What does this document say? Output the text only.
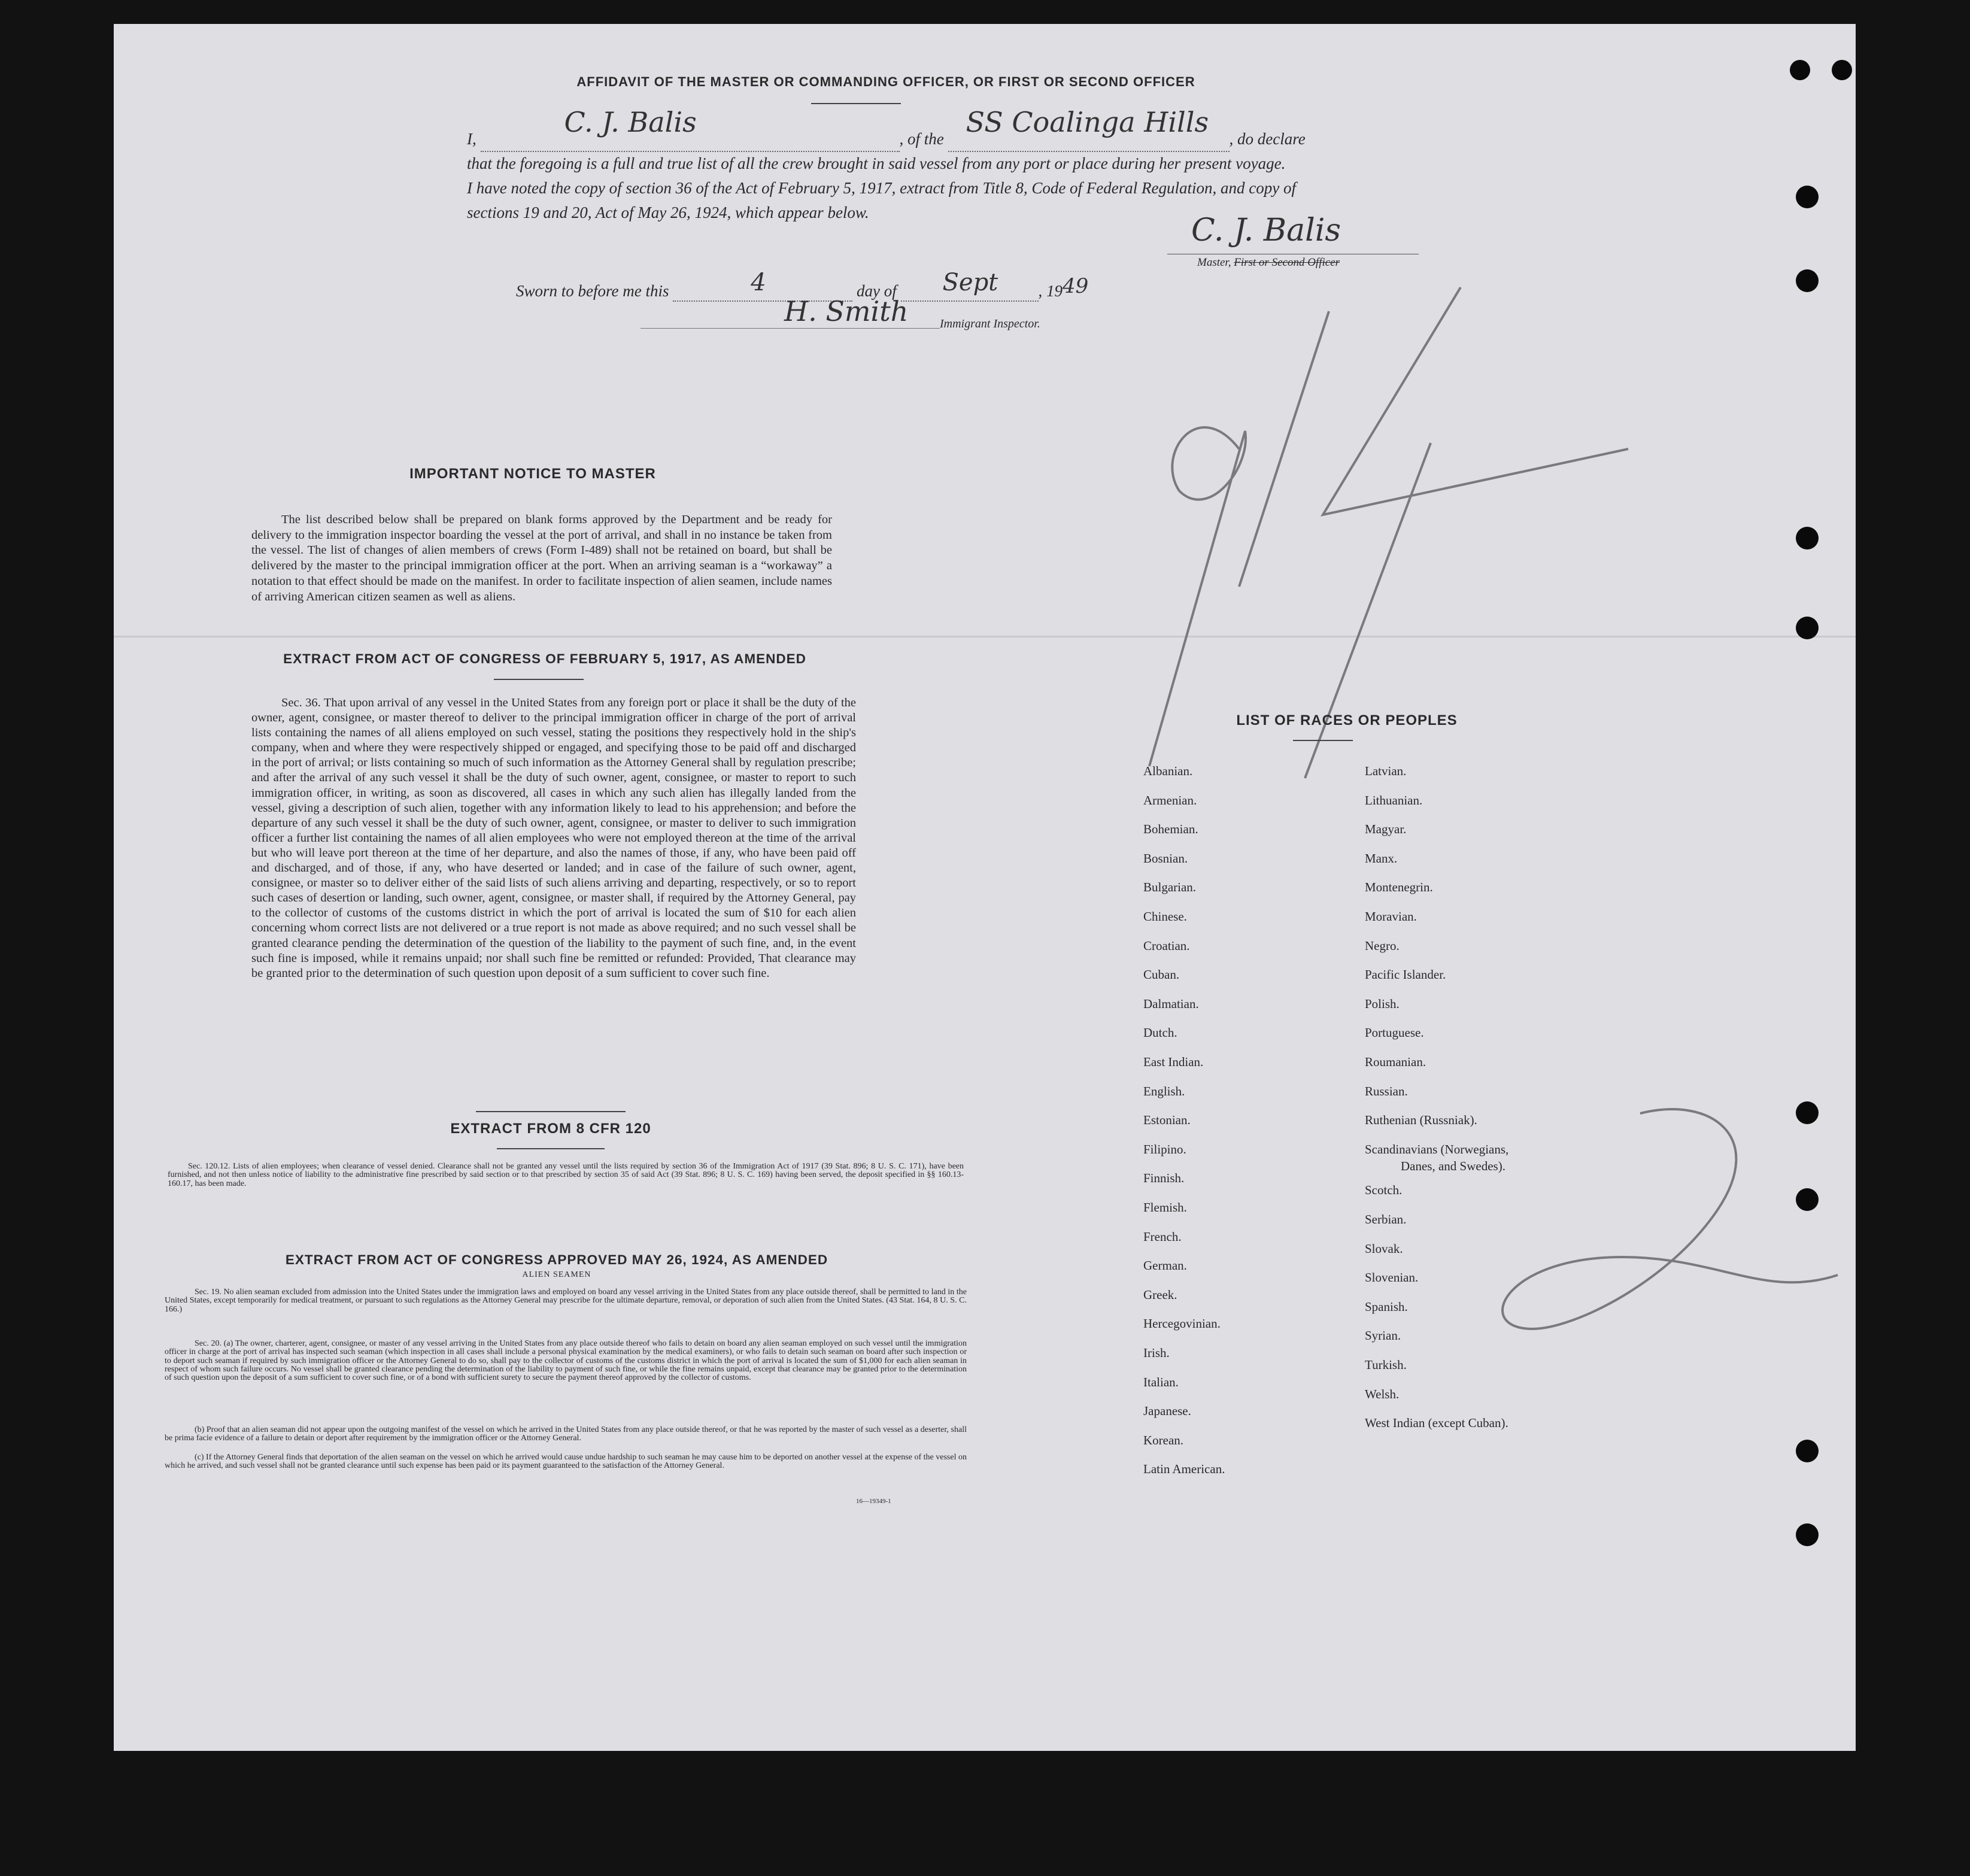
AFFIDAVIT OF THE MASTER OR COMMANDING OFFICER, OR FIRST OR SECOND OFFICER
I,
C. J. Balis
, of the
SS Coalinga Hills
, do declare
that the foregoing is a full and true list of all the crew brought in said vessel from any port or place during her present voyage.
I have noted the copy of section 36 of the Act of February 5, 1917, extract from Title 8, Code of Federal Regulation, and copy of
sections 19 and 20, Act of May 26, 1924, which appear below.	C. J. Balis
Master, First or Second Officer
Sworn to before me this	4	day of Sept , 1949
H. Smith	Immigrant Inspector.
IMPORTANT NOTICE TO MASTER
The list described below shall be prepared on blank forms approved by the Department and be ready for delivery to the immigration inspector boarding the vessel at the port of arrival, and shall in no instance be taken from the vessel. The list of changes of alien members of crews (Form I-489) shall not be retained on board, but shall be delivered by the master to the principal immigration officer at the port. When an arriving seaman is a “workaway” a notation to that effect should be made on the manifest. In order to facilitate inspection of alien seamen, include names of arriving American citizen seamen as well as aliens.
EXTRACT FROM ACT OF CONGRESS OF FEBRUARY 5, 1917, AS AMENDED
Sec. 36. That upon arrival of any vessel in the United States from any foreign port or place it shall be the duty of the owner, agent, consignee, or master thereof to deliver to the principal immigration officer in charge of the port of arrival lists containing the names of all aliens employed on such vessel, stating the positions they respectively hold in the ship's company, when and where they were respectively shipped or engaged, and specifying those to be paid off and discharged in the port of arrival; or lists containing so much of such information as the Attorney General shall by regulation prescribe; and after the arrival of any such vessel it shall be the duty of such owner, agent, consignee, or master to report to such immigration officer, in writing, as soon as discovered, all cases in which any such alien has illegally landed from the vessel, giving a description of such alien, together with any information likely to lead to his apprehension; and before the departure of any such vessel it shall be the duty of such owner, agent, consignee, or master to deliver to such immigration officer a further list containing the names of all alien employees who were not employed thereon at the time of the arrival but who will leave port thereon at the time of her departure, and also the names of those, if any, who have been paid off and discharged, and of those, if any, who have deserted or landed; and in case of the failure of such owner, agent, consignee, or master so to deliver either of the said lists of such aliens arriving and departing, respectively, or so to report such cases of desertion or landing, such owner, agent, consignee, or master shall, if required by the Attorney General, pay to the collector of customs of the customs district in which the port of arrival is located the sum of $10 for each alien concerning whom correct lists are not delivered or a true report is not made as above required; and no such vessel shall be granted clearance pending the determination of the question of the liability to the payment of such fine, and, in the event such fine is imposed, while it remains unpaid; nor shall such fine be remitted or refunded: Provided, That clearance may be granted prior to the determination of such question upon deposit of a sum sufficient to cover such fine.
EXTRACT FROM 8 CFR 120
Sec. 120.12. Lists of alien employees; when clearance of vessel denied. Clearance shall not be granted any vessel until the lists required by section 36 of the Immigration Act of 1917 (39 Stat. 896; 8 U. S. C. 171), have been furnished, and not then unless notice of liability to the administrative fine prescribed by said section or to that prescribed by section 35 of said Act (39 Stat. 896; 8 U. S. C. 169) having been served, the deposit specified in §§ 160.13-160.17, has been made.
EXTRACT FROM ACT OF CONGRESS APPROVED MAY 26, 1924, AS AMENDED
ALIEN SEAMEN
Sec. 19. No alien seaman excluded from admission into the United States under the immigration laws and employed on board any vessel arriving in the United States from any place outside thereof, shall be permitted to land in the United States, except temporarily for medical treatment, or pursuant to such regulations as the Attorney General may prescribe for the ultimate departure, removal, or deporation of such alien from the United States. (43 Stat. 164, 8 U. S. C. 166.)
Sec. 20. (a) The owner, charterer, agent, consignee, or master of any vessel arriving in the United States from any place outside thereof who fails to detain on board any alien seaman employed on such vessel until the immigration officer in charge at the port of arrival has inspected such seaman (which inspection in all cases shall include a personal physical examination by the medical examiners), or who fails to detain such seaman on board after such inspection or to deport such seaman if required by such immigration officer or the Attorney General to do so, shall pay to the collector of customs of the customs district in which the port of arrival is located the sum of $1,000 for each alien seaman in respect of whom such failure occurs. No vessel shall be granted clearance pending the determination of the liability to payment of such fine, or while the fine remains unpaid, except that clearance may be granted prior to the determination of such question upon the deposit of a sum sufficient to cover such fine, or of a bond with sufficient surety to secure the payment thereof approved by the collector of customs.
(b) Proof that an alien seaman did not appear upon the outgoing manifest of the vessel on which he arrived in the United States from any place outside thereof, or that he was reported by the master of such vessel as a deserter, shall be prima facie evidence of a failure to detain or deport after requirement by the immigration officer or the Attorney General.
(c) If the Attorney General finds that deportation of the alien seaman on the vessel on which he arrived would cause undue hardship to such seaman he may cause him to be deported on another vessel at the expense of the vessel on which he arrived, and such vessel shall not be granted clearance until such expense has been paid or its payment guaranteed to the satisfaction of the Attorney General.
16—19349-1
LIST OF RACES OR PEOPLES
Albanian.
Armenian.
Bohemian.
Bosnian.
Bulgarian.
Chinese.
Croatian.
Cuban.
Dalmatian.
Dutch.
East Indian.
English.
Estonian.
Filipino.
Finnish.
Flemish.
French.
German.
Greek.
Hercegovinian.
Irish.
Italian.
Japanese.
Korean.
Latin American.
Latvian.
Lithuanian.
Magyar.
Manx.
Montenegrin.
Moravian.
Negro.
Pacific Islander.
Polish.
Portuguese.
Roumanian.
Russian.
Ruthenian (Russniak).
Scandinavians (Norwegians,
Danes, and Swedes).
Scotch.
Serbian.
Slovak.
Slovenian.
Spanish.
Syrian.
Turkish.
Welsh.
West Indian (except Cuban).
